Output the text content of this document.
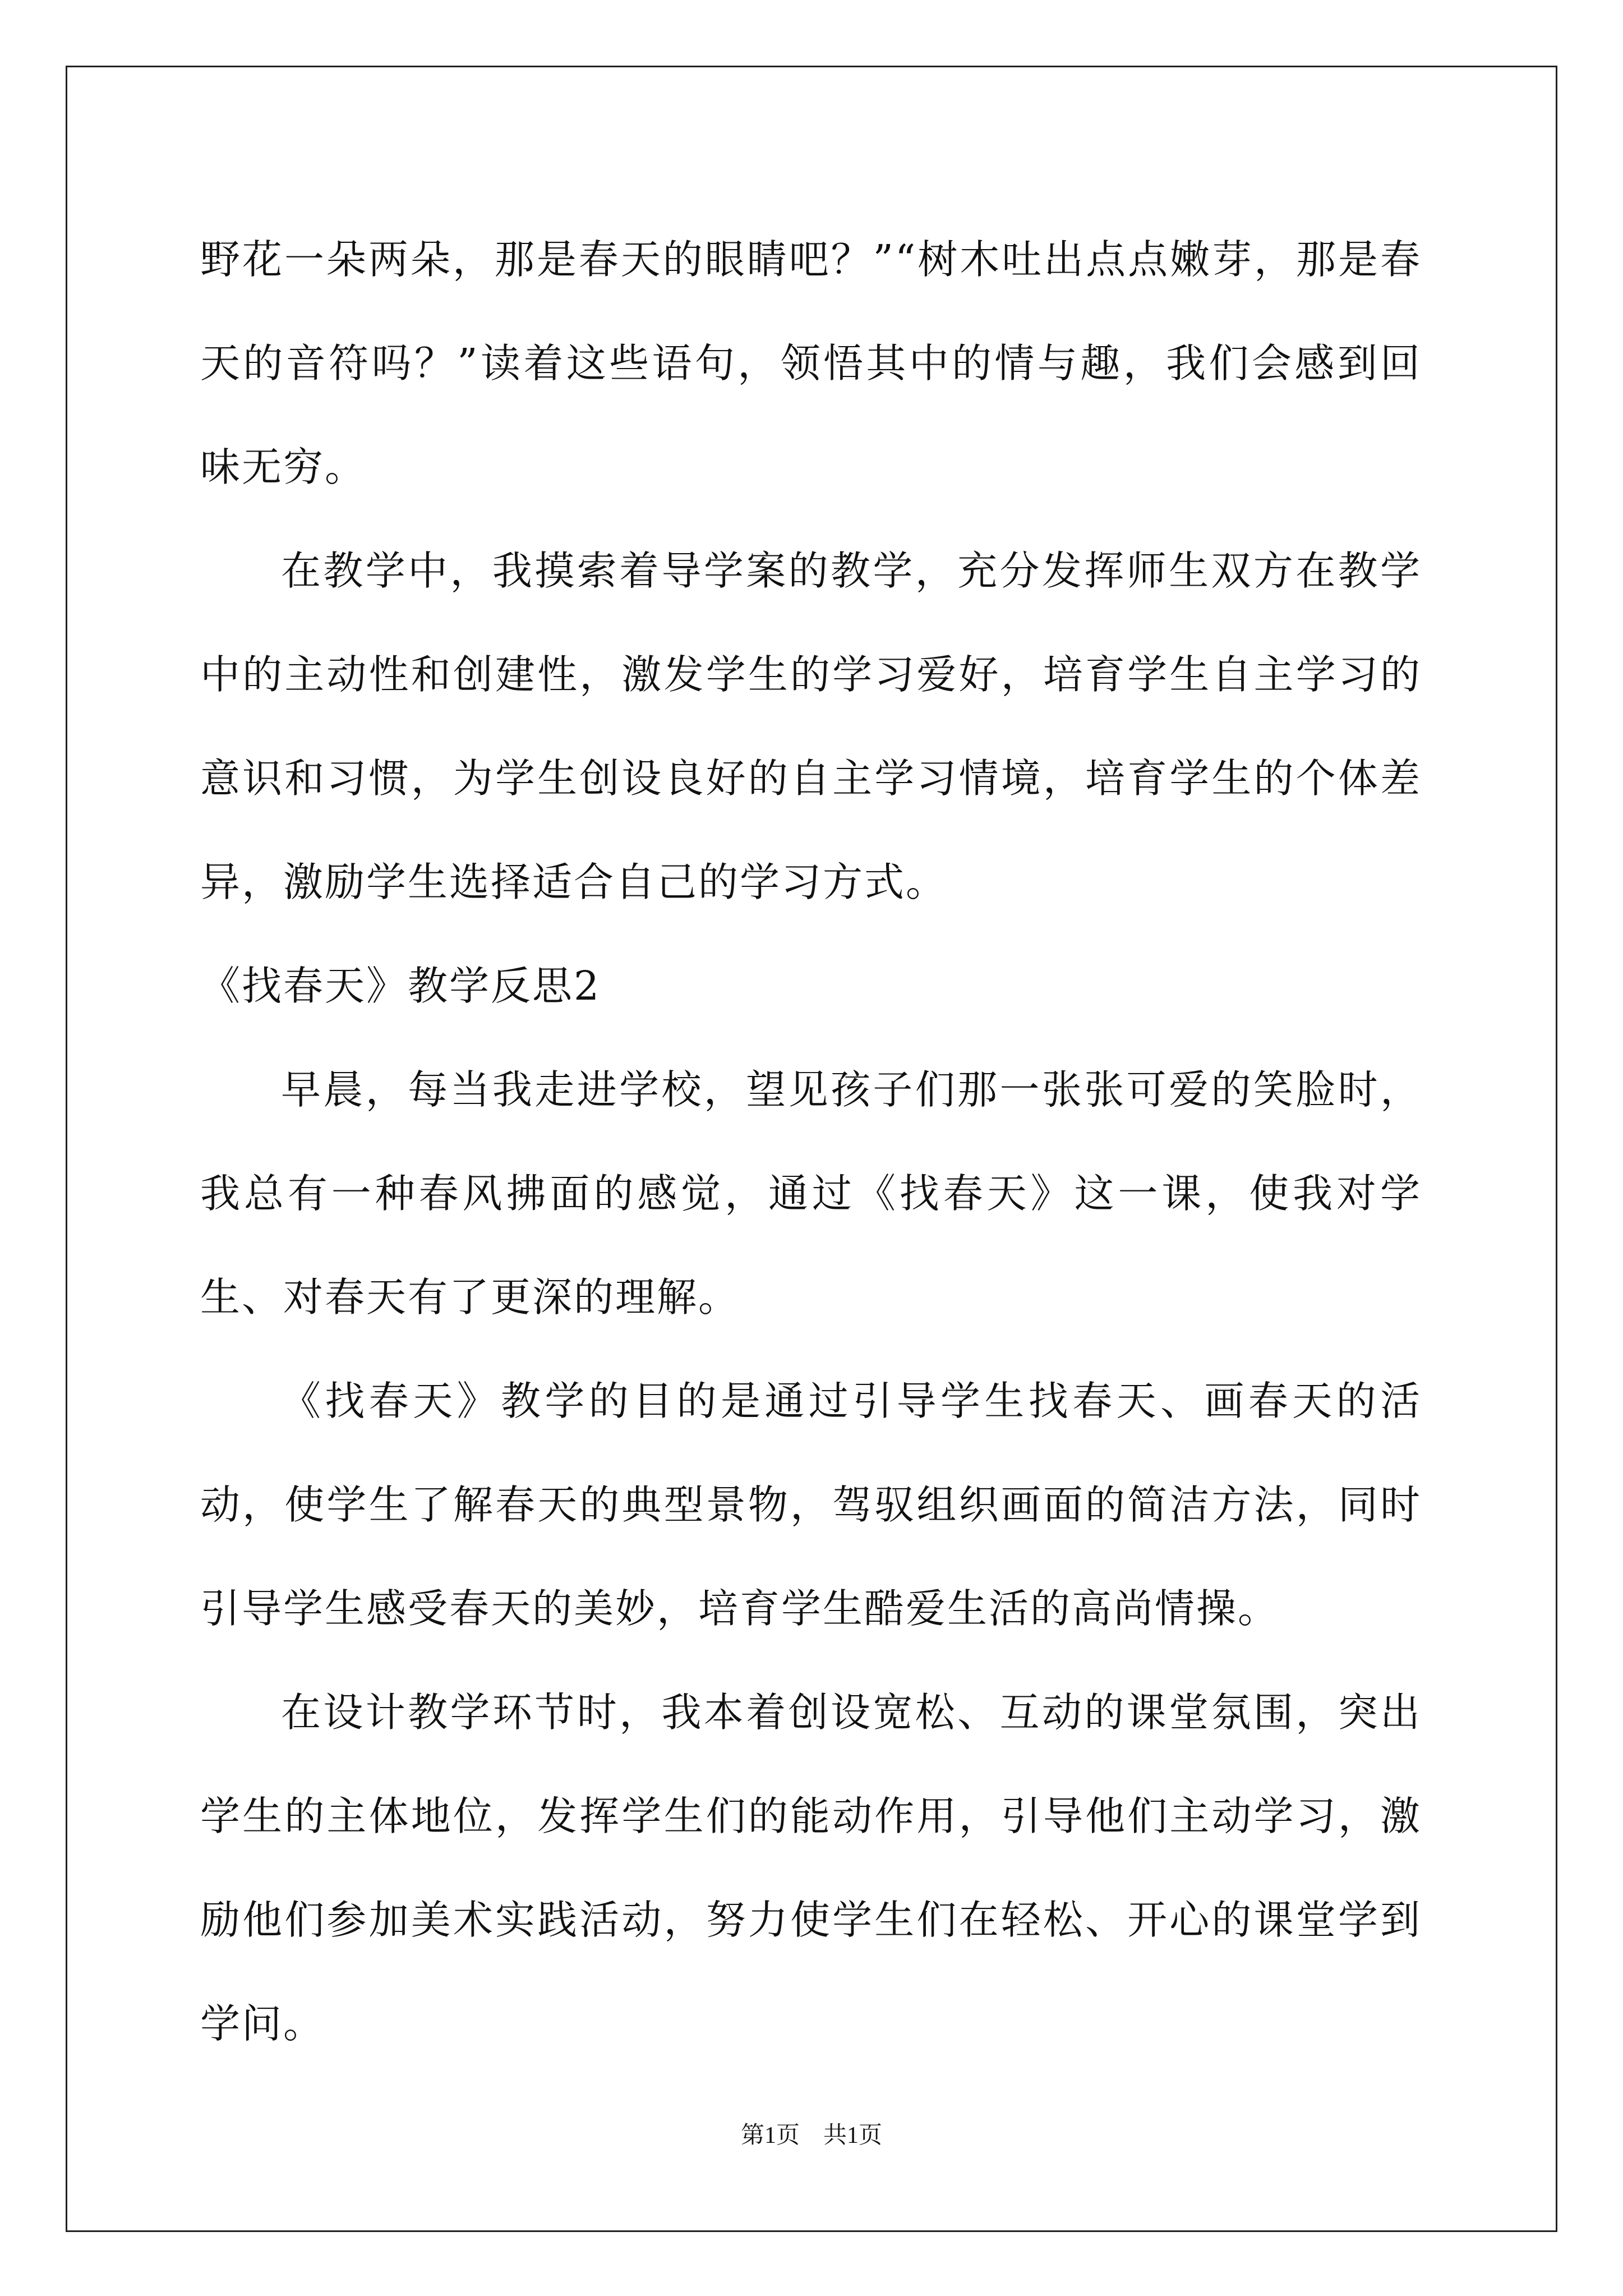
野花一朵两朵，那是春天的眼睛吧？”“树木吐出点点嫩芽，那是春天的音符吗？”读着这些语句，领悟其中的情与趣，我们会感到回味无穷。

在教学中，我摸索着导学案的教学，充分发挥师生双方在教学中的主动性和创建性，激发学生的学习爱好，培育学生自主学习的意识和习惯，为学生创设良好的自主学习情境，培育学生的个体差异，激励学生选择适合自己的学习方式。

《找春天》教学反思2

早晨，每当我走进学校，望见孩子们那一张张可爱的笑脸时，我总有一种春风拂面的感觉，通过《找春天》这一课，使我对学生、对春天有了更深的理解。

《找春天》教学的目的是通过引导学生找春天、画春天的活动，使学生了解春天的典型景物，驾驭组织画面的简洁方法，同时引导学生感受春天的美妙，培育学生酷爱生活的高尚情操。

在设计教学环节时，我本着创设宽松、互动的课堂氛围，突出学生的主体地位，发挥学生们的能动作用，引导他们主动学习，激励他们参加美术实践活动，努力使学生们在轻松、开心的课堂学到学问。

第1页　共1页
